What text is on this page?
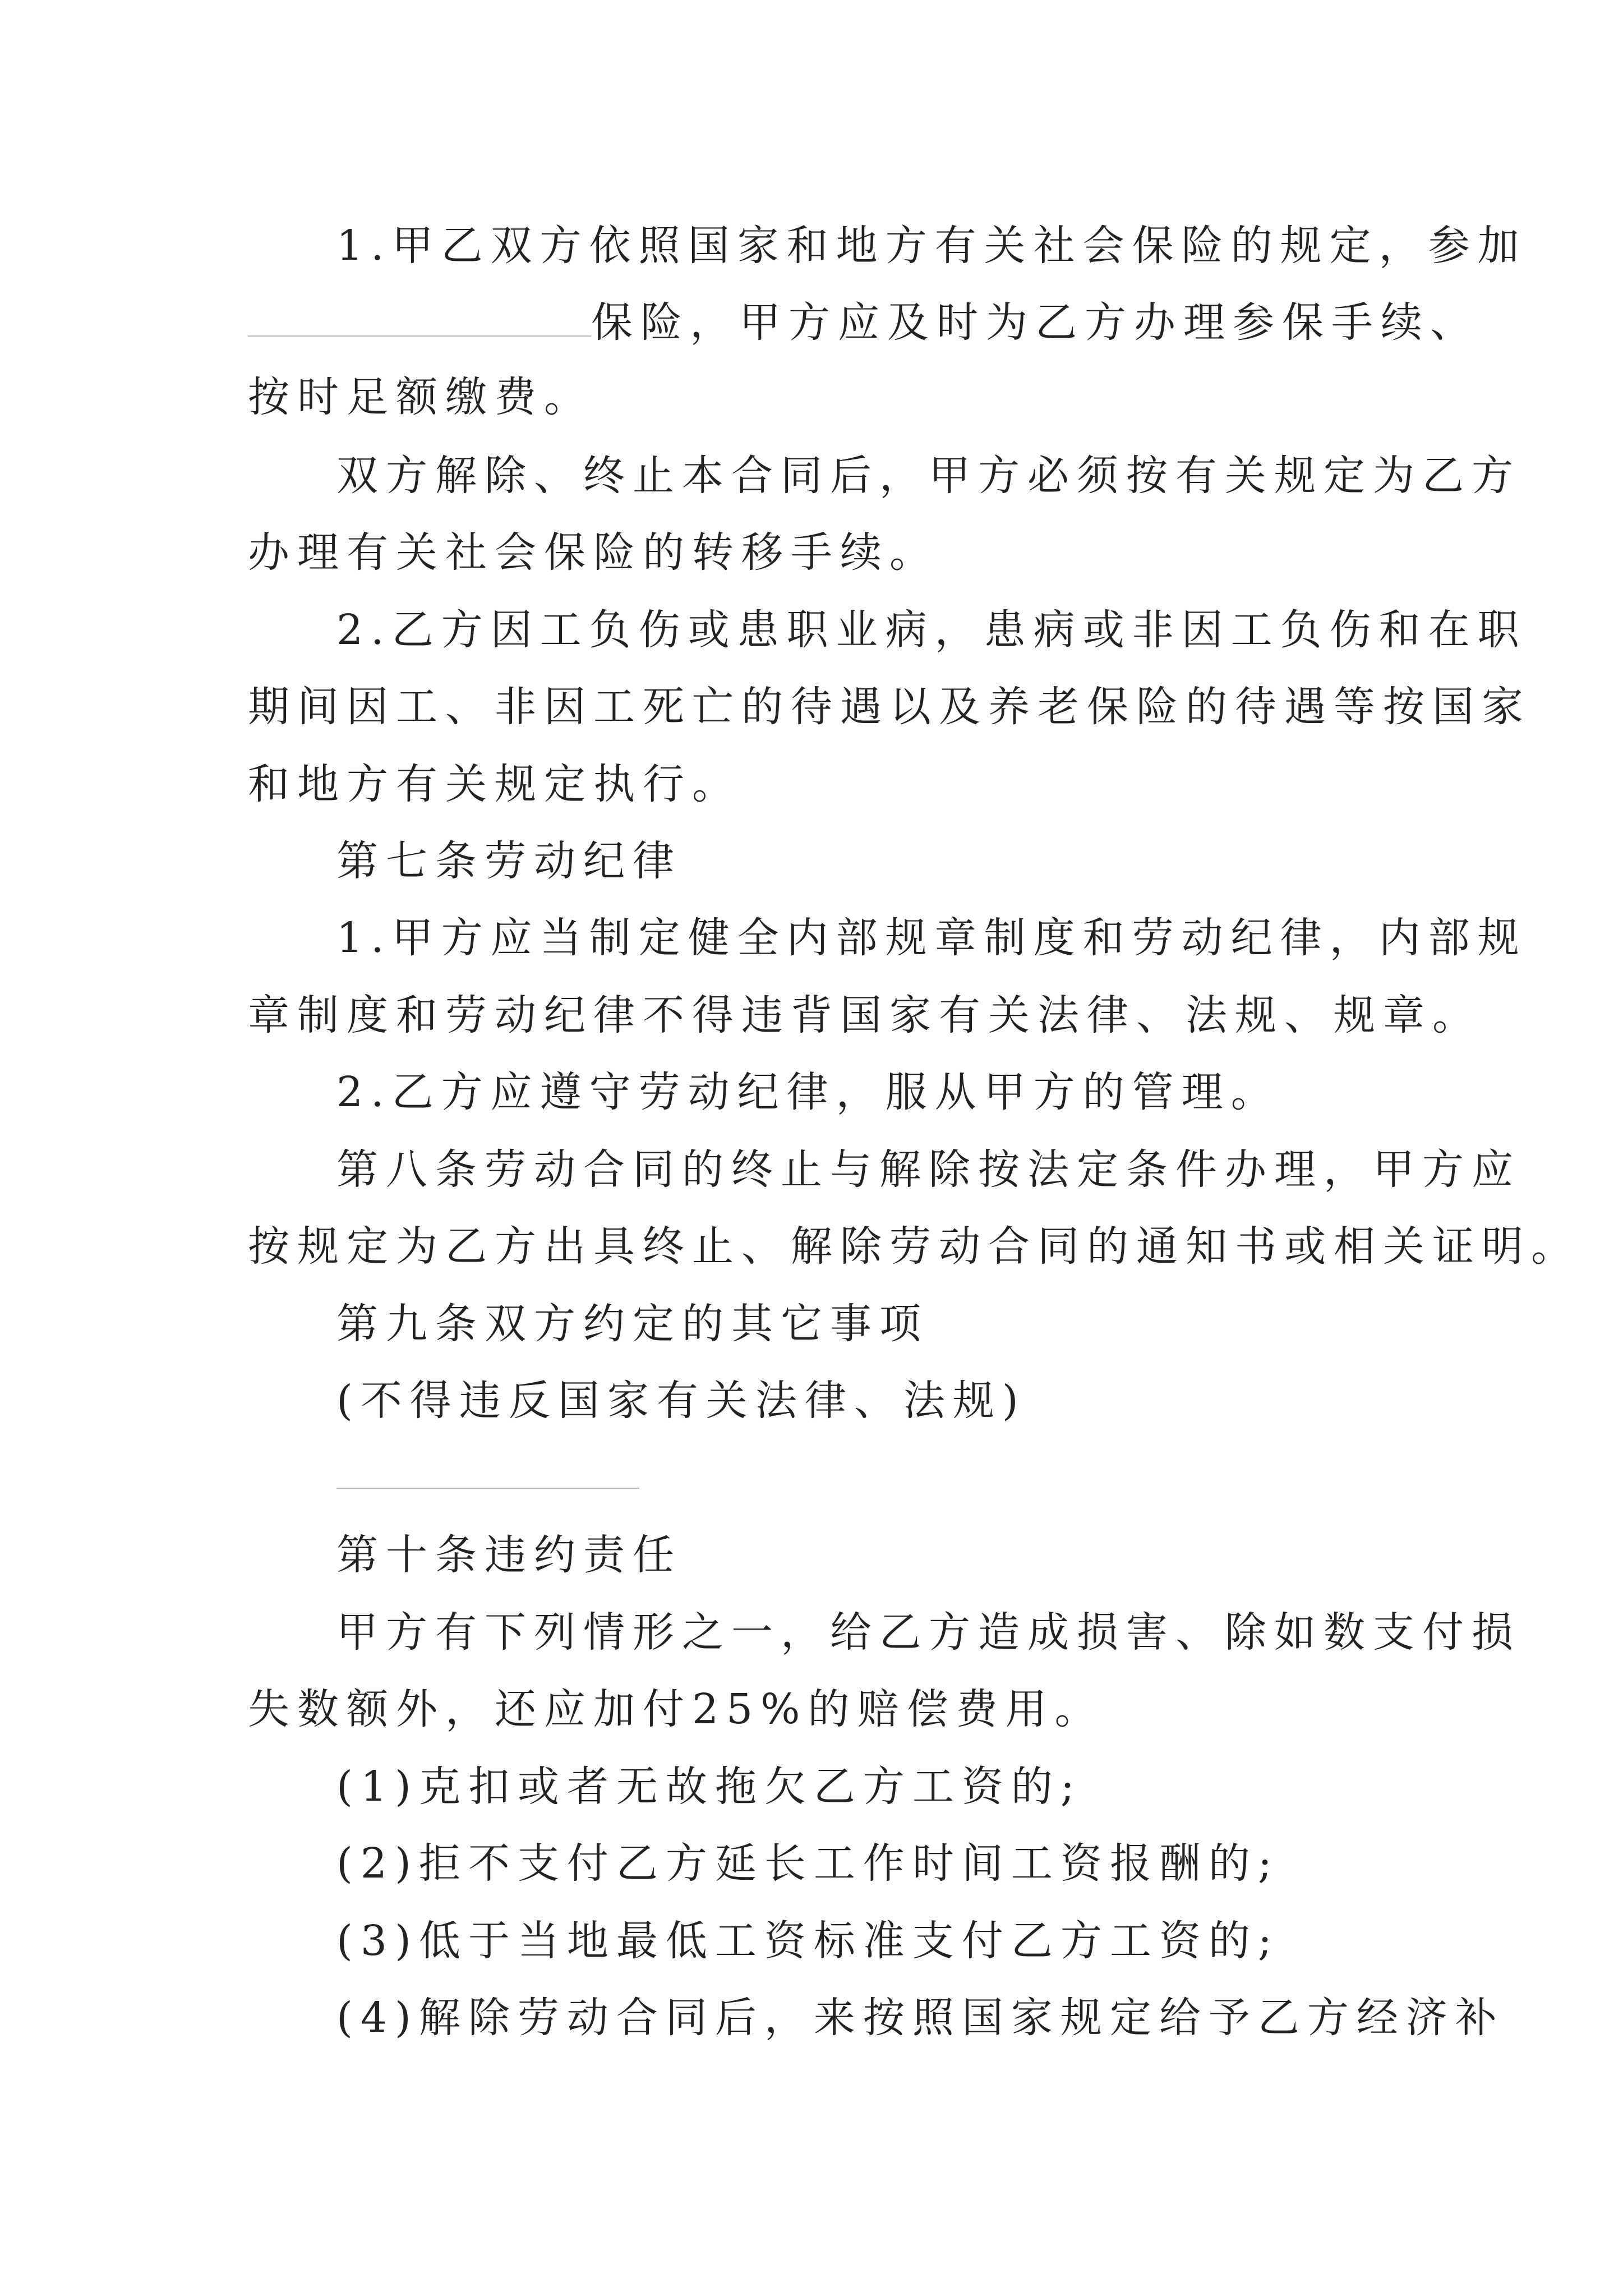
1.甲乙双方依照国家和地方有关社会保险的规定，参加
保险，甲方应及时为乙方办理参保手续、
按时足额缴费。
双方解除、终止本合同后，甲方必须按有关规定为乙方
办理有关社会保险的转移手续。
2.乙方因工负伤或患职业病，患病或非因工负伤和在职
期间因工、非因工死亡的待遇以及养老保险的待遇等按国家
和地方有关规定执行。
第七条劳动纪律
1.甲方应当制定健全内部规章制度和劳动纪律，内部规
章制度和劳动纪律不得违背国家有关法律、法规、规章。
2.乙方应遵守劳动纪律，服从甲方的管理。
第八条劳动合同的终止与解除按法定条件办理，甲方应
按规定为乙方出具终止、解除劳动合同的通知书或相关证明。
第九条双方约定的其它事项
(不得违反国家有关法律、法规)
第十条违约责任
甲方有下列情形之一，给乙方造成损害、除如数支付损
失数额外，还应加付25%的赔偿费用。
(1)克扣或者无故拖欠乙方工资的;
(2)拒不支付乙方延长工作时间工资报酬的;
(3)低于当地最低工资标准支付乙方工资的;
(4)解除劳动合同后，来按照国家规定给予乙方经济补
